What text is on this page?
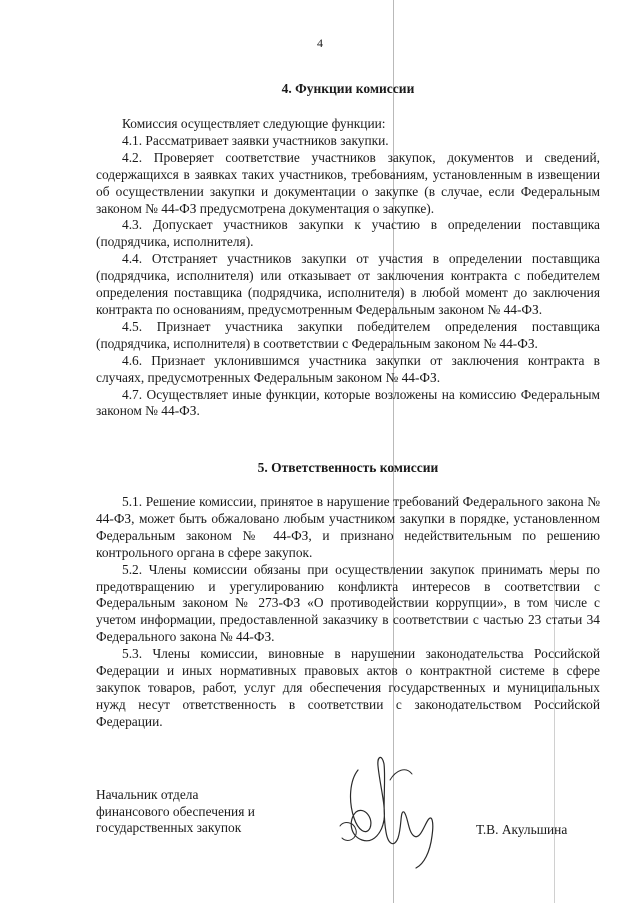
4
4. Функции комиссии

Комиссия осуществляет следующие функции:

4.1. Рассматривает заявки участников закупки.

4.2. Проверяет соответствие участников закупок, документов и сведений, содержащихся в заявках таких участников, требованиям, установленным в извещении об осуществлении закупки и документации о закупке (в случае, если Федеральным законом № 44-ФЗ предусмотрена документация о закупке).

4.3. Допускает участников закупки к участию в определении поставщика (подрядчика, исполнителя).

4.4. Отстраняет участников закупки от участия в определении поставщика (подрядчика, исполнителя) или отказывает от заключения контракта с победителем определения поставщика (подрядчика, исполнителя) в любой момент до заключения контракта по основаниям, предусмотренным Федеральным законом № 44-ФЗ.

4.5. Признает участника закупки победителем определения поставщика (подрядчика, исполнителя) в соответствии с Федеральным законом № 44-ФЗ.

4.6. Признает уклонившимся участника закупки от заключения контракта в случаях, предусмотренных Федеральным законом № 44-ФЗ.

4.7. Осуществляет иные функции, которые возложены на комиссию Федеральным законом № 44-ФЗ.

5. Ответственность комиссии

5.1. Решение комиссии, принятое в нарушение требований Федерального закона № 44-ФЗ, может быть обжаловано любым участником закупки в порядке, установленном Федеральным законом № 44-ФЗ, и признано недействительным по решению контрольного органа в сфере закупок.

5.2. Члены комиссии обязаны при осуществлении закупок принимать меры по предотвращению и урегулированию конфликта интересов в соответствии с Федеральным законом № 273-ФЗ «О противодействии коррупции», в том числе с учетом информации, предоставленной заказчику в соответствии с частью 23 статьи 34 Федерального закона № 44-ФЗ.

5.3. Члены комиссии, виновные в нарушении законодательства Российской Федерации и иных нормативных правовых актов о контрактной системе в сфере закупок товаров, работ, услуг для обеспечения государственных и муниципальных нужд несут ответственность в соответствии с законодательством Российской Федерации.

Начальник отдела
финансового обеспечения и
государственных закупок	Т.В. Акульшина
